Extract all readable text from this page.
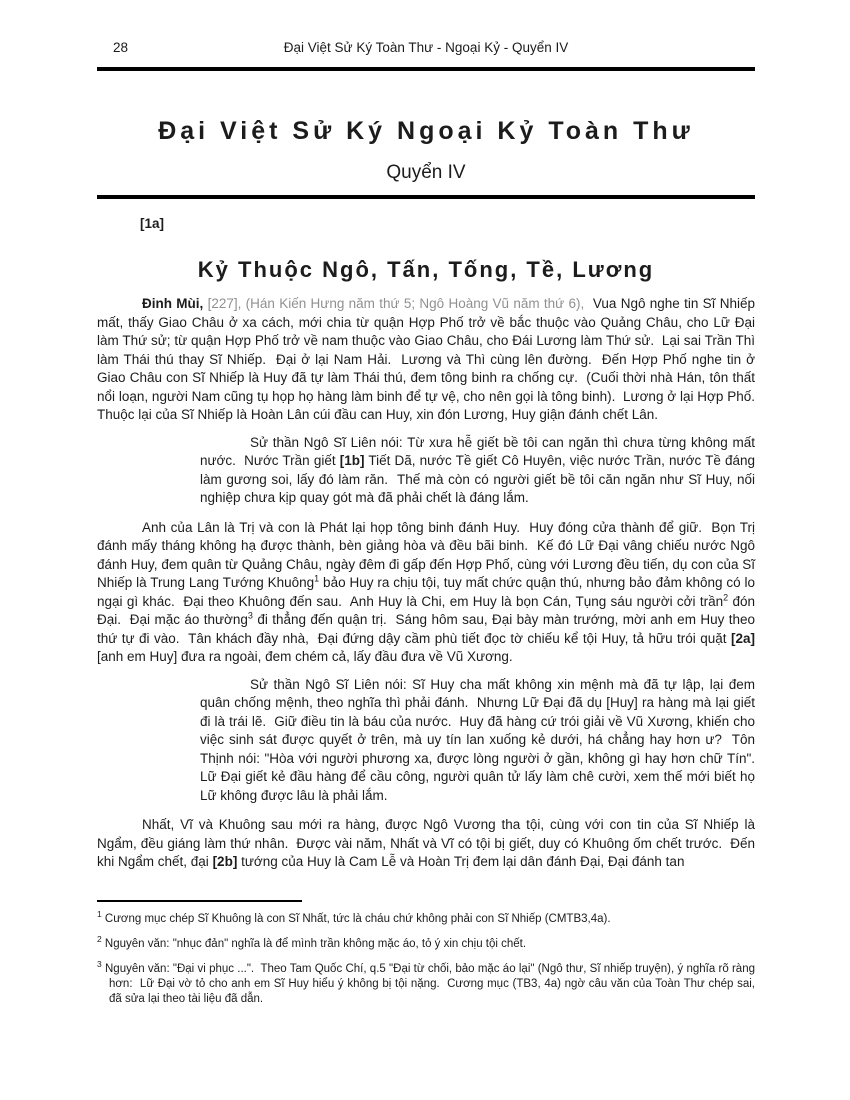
28	Đại Việt Sử Ký Toàn Thư - Ngoại Kỷ - Quyển IV
Đại Việt Sử Ký Ngoại Kỷ Toàn Thư
Quyển IV
[1a]
Kỷ Thuộc Ngô, Tấn, Tống, Tề, Lương

Đinh Mùi, [227], (Hán Kiến Hưng năm thứ 5; Ngô Hoàng Vũ năm thứ 6),  Vua Ngô nghe tin Sĩ Nhiếp mất, thấy Giao Châu ở xa cách, mới chia từ quận Hợp Phố trở về bắc thuộc vào Quảng Châu, cho Lữ Đại làm Thứ sử; từ quận Hợp Phố trở về nam thuộc vào Giao Châu, cho Đái Lương làm Thứ sử.  Lại sai Trần Thì làm Thái thú thay Sĩ Nhiếp.  Đại ở lại Nam Hải.  Lương và Thì cùng lên đường.  Đến Hợp Phố nghe tin ở Giao Châu con Sĩ Nhiếp là Huy đã tự làm Thái thú, đem tông binh ra chống cự.  (Cuối thời nhà Hán, tôn thất nổi loạn, người Nam cũng tụ họp họ hàng làm binh để tự vệ, cho nên gọi là tông binh).  Lương ở lại Hợp Phố.  Thuộc lại của Sĩ Nhiếp là Hoàn Lân cúi đầu can Huy, xin đón Lương, Huy giận đánh chết Lân.

Sử thần Ngô Sĩ Liên nói: Từ xưa hễ giết bề tôi can ngăn thì chưa từng không mất nước.  Nước Trần giết [1b] Tiết Dã, nước Tề giết Cô Huyên, việc nước Trần, nước Tề đáng làm gương soi, lấy đó làm răn.  Thế mà còn có người giết bề tôi căn ngăn như Sĩ Huy, nối nghiệp chưa kịp quay gót mà đã phải chết là đáng lắm.

Anh của Lân là Trị và con là Phát lại họp tông binh đánh Huy.  Huy đóng cửa thành để giữ.  Bọn Trị đánh mấy tháng không hạ được thành, bèn giảng hòa và đều bãi binh.  Kế đó Lữ Đại vâng chiếu nước Ngô đánh Huy, đem quân từ Quảng Châu, ngày đêm đi gấp đến Hợp Phố, cùng với Lương đều tiến, dụ con của Sĩ Nhiếp là Trung Lang Tướng Khuông$^1$ bảo Huy ra chịu tội, tuy mất chức quận thú, nhưng bảo đảm không có lo ngại gì khác.  Đại theo Khuông đến sau.  Anh Huy là Chi, em Huy là bọn Cán, Tụng sáu người cởi trần$^2$ đón Đại.  Đại mặc áo thường$^3$ đi thẳng đến quận trị.  Sáng hôm sau, Đại bày màn trướng, mời anh em Huy theo thứ tự đi vào.  Tân khách đầy nhà,  Đại đứng dậy cầm phù tiết đọc tờ chiếu kể tội Huy, tả hữu trói quặt [2a] [anh em Huy] đưa ra ngoài, đem chém cả, lấy đầu đưa về Vũ Xương.

Sử thần Ngô Sĩ Liên nói: Sĩ Huy cha mất không xin mệnh mà đã tự lập, lại đem quân chống mệnh, theo nghĩa thì phải đánh.  Nhưng Lữ Đại đã dụ [Huy] ra hàng mà lại giết đi là trái lẽ.  Giữ điều tin là báu của nước.  Huy đã hàng cứ trói giải về Vũ Xương, khiến cho việc sinh sát được quyết ở trên, mà uy tín lan xuống kẻ dưới, há chẳng hay hơn ư?  Tôn Thịnh nói: "Hòa với người phương xa, được lòng người ở gần, không gì hay hơn chữ Tín".  Lữ Đại giết kẻ đầu hàng để cầu công, người quân tử lấy làm chê cười, xem thế mới biết họ Lữ không được lâu là phải lắm.

Nhất, Vĩ và Khuông sau mới ra hàng, được Ngô Vương tha tội, cùng với con tin của Sĩ Nhiếp là Ngẩm, đều giáng làm thứ nhân.  Được vài năm, Nhất và Vĩ có tội bị giết, duy có Khuông ốm chết trước.  Đến khi Ngẩm chết, đại [2b] tướng của Huy là Cam Lễ và Hoàn Trị đem lại dân đánh Đại, Đại đánh tan

$^1$ Cương mục chép Sĩ Khuông là con Sĩ Nhất, tức là cháu chứ không phải con Sĩ Nhiếp (CMTB3,4a).
$^2$ Nguyên văn: "nhục đản" nghĩa là để mình trần không mặc áo, tỏ ý xin chịu tội chết.
$^3$ Nguyên văn: "Đại vi phục ...".  Theo Tam Quốc Chí, q.5 "Đại từ chối, bảo mặc áo lại" (Ngô thư, Sĩ nhiếp truyện), ý nghĩa rõ ràng hơn:  Lữ Đại vờ tỏ cho anh em Sĩ Huy hiểu ý không bị tội nặng.  Cương mục (TB3, 4a) ngờ câu văn của Toàn Thư chép sai, đã sửa lại theo tài liệu đã dẫn.
